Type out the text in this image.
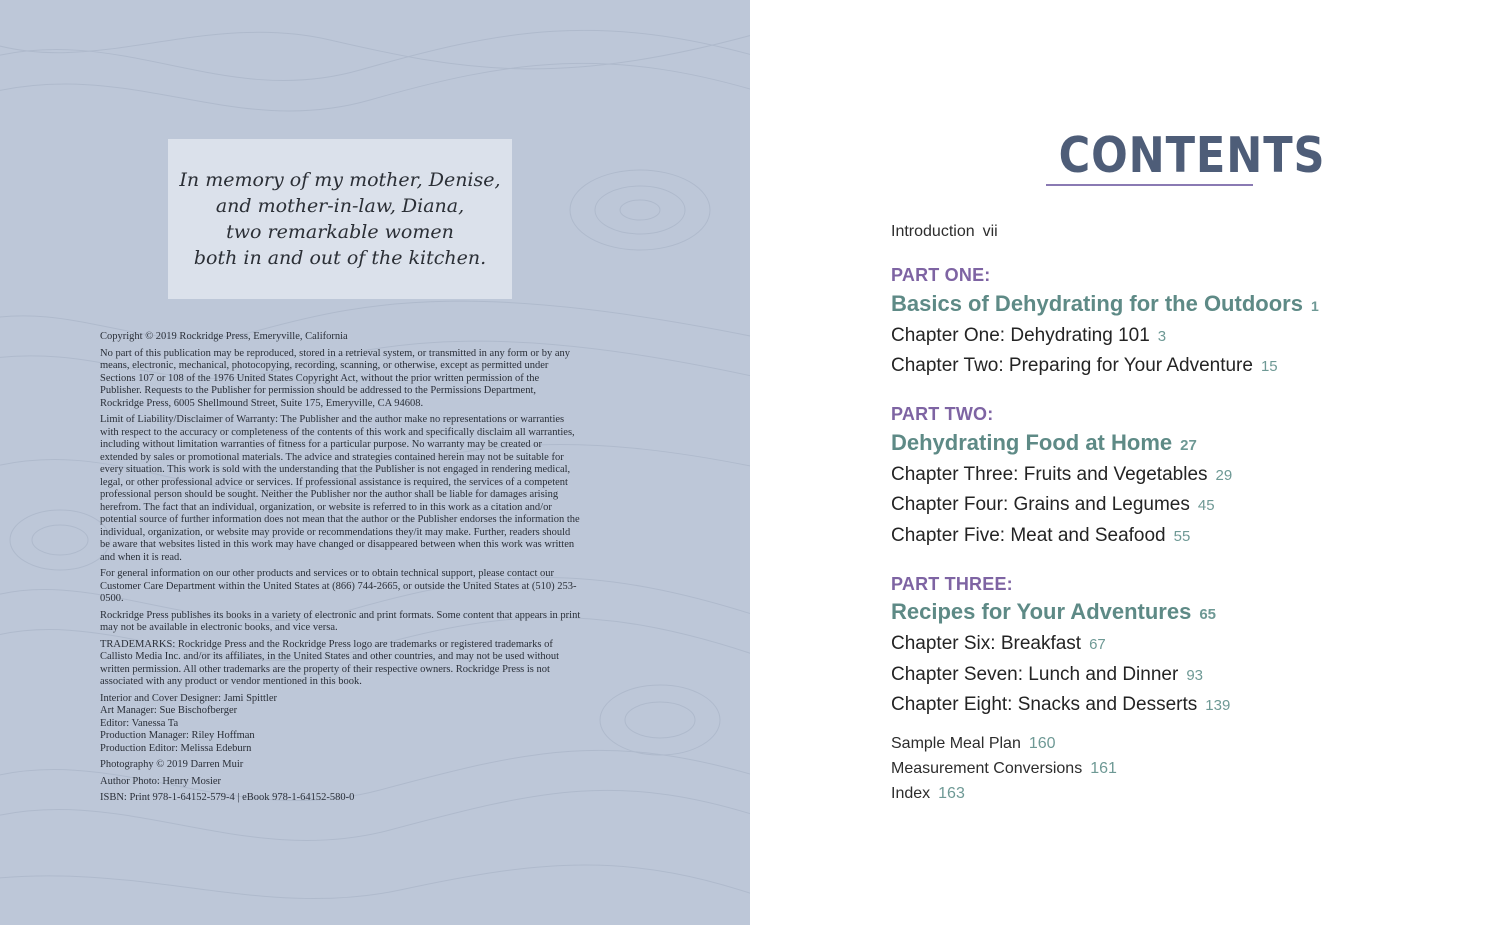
In memory of my mother, Denise,
and mother-in-law, Diana,
two remarkable women
both in and out of the kitchen.

Copyright © 2019 Rockridge Press, Emeryville, California

No part of this publication may be reproduced, stored in a retrieval system, or transmitted in any form or by any means, electronic, mechanical, photocopying, recording, scanning, or otherwise, except as permitted under Sections 107 or 108 of the 1976 United States Copyright Act, without the prior written permission of the Publisher. Requests to the Publisher for permission should be addressed to the Permissions Department, Rockridge Press, 6005 Shellmound Street, Suite 175, Emeryville, CA 94608.

Limit of Liability/Disclaimer of Warranty: The Publisher and the author make no representations or warranties with respect to the accuracy or completeness of the contents of this work and specifically disclaim all warranties, including without limitation warranties of fitness for a particular purpose. No warranty may be created or extended by sales or promotional materials. The advice and strategies contained herein may not be suitable for every situation. This work is sold with the understanding that the Publisher is not engaged in rendering medical, legal, or other professional advice or services. If professional assistance is required, the services of a competent professional person should be sought. Neither the Publisher nor the author shall be liable for damages arising herefrom. The fact that an individual, organization, or website is referred to in this work as a citation and/or potential source of further information does not mean that the author or the Publisher endorses the information the individual, organization, or website may provide or recommendations they/it may make. Further, readers should be aware that websites listed in this work may have changed or disappeared between when this work was written and when it is read.

For general information on our other products and services or to obtain technical support, please contact our Customer Care Department within the United States at (866) 744-2665, or outside the United States at (510) 253-0500.

Rockridge Press publishes its books in a variety of electronic and print formats. Some content that appears in print may not be available in electronic books, and vice versa.

TRADEMARKS: Rockridge Press and the Rockridge Press logo are trademarks or registered trademarks of Callisto Media Inc. and/or its affiliates, in the United States and other countries, and may not be used without written permission. All other trademarks are the property of their respective owners. Rockridge Press is not associated with any product or vendor mentioned in this book.

Interior and Cover Designer: Jami Spittler

Art Manager: Sue Bischofberger

Editor: Vanessa Ta

Production Manager: Riley Hoffman

Production Editor: Melissa Edeburn

Photography © 2019 Darren Muir

Author Photo: Henry Mosier

ISBN: Print 978-1-64152-579-4 | eBook 978-1-64152-580-0

CONTENTS
Introduction vii
PART ONE:
Basics of Dehydrating for the Outdoors 1
Chapter One: Dehydrating 101 3
Chapter Two: Preparing for Your Adventure 15
PART TWO:
Dehydrating Food at Home 27
Chapter Three: Fruits and Vegetables 29
Chapter Four: Grains and Legumes 45
Chapter Five: Meat and Seafood 55
PART THREE:
Recipes for Your Adventures 65
Chapter Six: Breakfast 67
Chapter Seven: Lunch and Dinner 93
Chapter Eight: Snacks and Desserts 139
Sample Meal Plan 160
Measurement Conversions 161
Index 163
